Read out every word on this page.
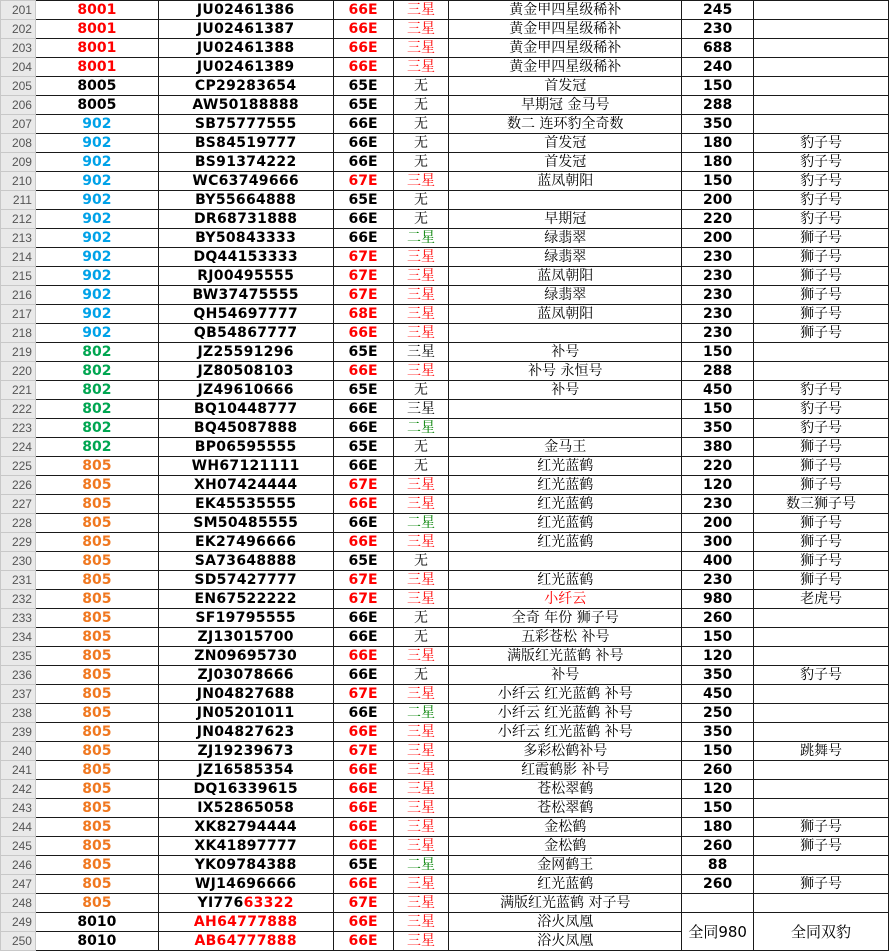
201	8001	JU02461386	66E	三星	黄金甲四星级稀补	245	
202	8001	JU02461387	66E	三星	黄金甲四星级稀补	230	
203	8001	JU02461388	66E	三星	黄金甲四星级稀补	688	
204	8001	JU02461389	66E	三星	黄金甲四星级稀补	240	
205	8005	CP29283654	65E	无	首发冠	150	
206	8005	AW50188888	65E	无	早期冠 金马号	288	
207	902	SB75777555	66E	无	数二 连环豹全奇数	350	
208	902	BS84519777	66E	无	首发冠	180	豹子号
209	902	BS91374222	66E	无	首发冠	180	豹子号
210	902	WC63749666	67E	三星	蓝凤朝阳	150	豹子号
211	902	BY55664888	65E	无		200	豹子号
212	902	DR68731888	66E	无	早期冠	220	豹子号
213	902	BY50843333	66E	二星	绿翡翠	200	狮子号
214	902	DQ44153333	67E	三星	绿翡翠	230	狮子号
215	902	RJ00495555	67E	三星	蓝凤朝阳	230	狮子号
216	902	BW37475555	67E	三星	绿翡翠	230	狮子号
217	902	QH54697777	68E	三星	蓝凤朝阳	230	狮子号
218	902	QB54867777	66E	三星		230	狮子号
219	802	JZ25591296	65E	三星	补号	150	
220	802	JZ80508103	66E	三星	补号 永恒号	288	
221	802	JZ49610666	65E	无	补号	450	豹子号
222	802	BQ10448777	66E	三星		150	豹子号
223	802	BQ45087888	66E	二星		350	豹子号
224	802	BP06595555	65E	无	金马王	380	狮子号
225	805	WH67121111	66E	无	红光蓝鹤	220	狮子号
226	805	XH07424444	67E	三星	红光蓝鹤	120	狮子号
227	805	EK45535555	66E	三星	红光蓝鹤	230	数三狮子号
228	805	SM50485555	66E	二星	红光蓝鹤	200	狮子号
229	805	EK27496666	66E	三星	红光蓝鹤	300	狮子号
230	805	SA73648888	65E	无		400	狮子号
231	805	SD57427777	67E	三星	红光蓝鹤	230	狮子号
232	805	EN67522222	67E	三星	小纤云	980	老虎号
233	805	SF19795555	66E	无	全奇 年份 狮子号	260	
234	805	ZJ13015700	66E	无	五彩苍松 补号	150	
235	805	ZN09695730	66E	三星	满版红光蓝鹤 补号	120	
236	805	ZJ03078666	66E	无	补号	350	豹子号
237	805	JN04827688	67E	三星	小纤云 红光蓝鹤 补号	450	
238	805	JN05201011	66E	二星	小纤云 红光蓝鹤 补号	250	
239	805	JN04827623	66E	三星	小纤云 红光蓝鹤 补号	350	
240	805	ZJ19239673	67E	三星	多彩松鹤补号	150	跳舞号
241	805	JZ16585354	66E	三星	红霞鹤影 补号	260	
242	805	DQ16339615	66E	三星	苍松翠鹤	120	
243	805	IX52865058	66E	三星	苍松翠鹤	150	
244	805	XK82794444	66E	三星	金松鹤	180	狮子号
245	805	XK41897777	66E	三星	金松鹤	260	狮子号
246	805	YK09784388	65E	二星	金网鹤王	88	
247	805	WJ14696666	66E	三星	红光蓝鹤	260	狮子号
248	805	YI77663322	67E	三星	满版红光蓝鹤 对子号		
249	8010	AH64777888	66E	三星	浴火凤凰	全同980	全同双豹
250	8010	AB64777888	66E	三星	浴火凤凰		
